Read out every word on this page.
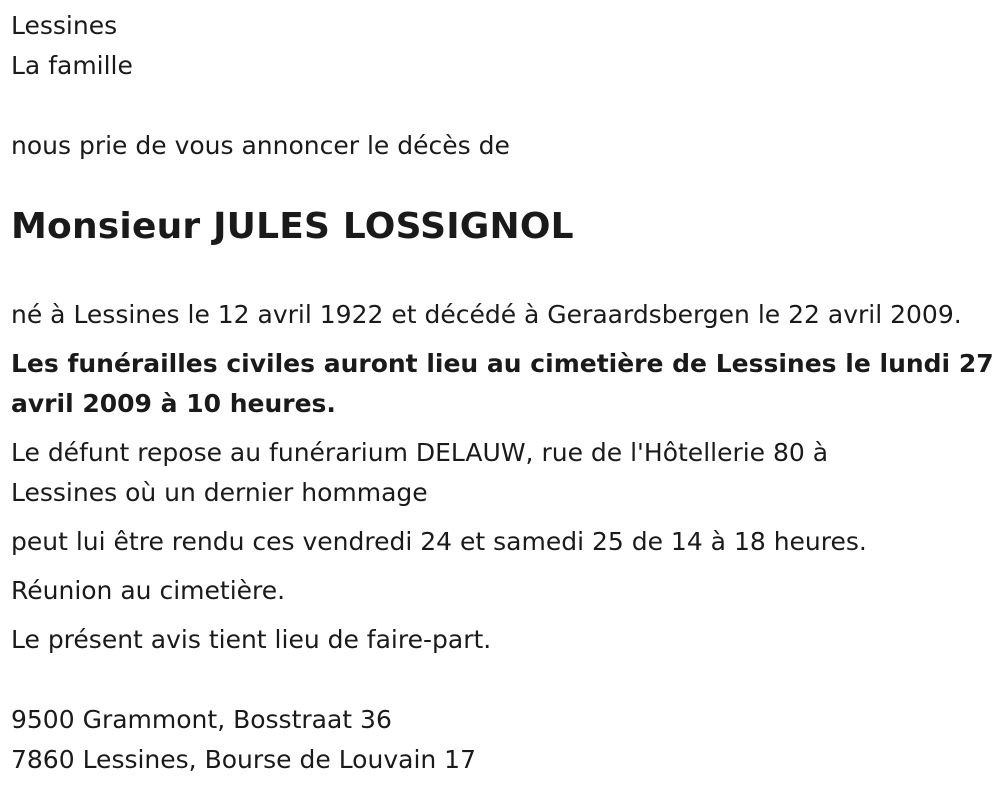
Lessines

La famille

nous prie de vous annoncer le décès de

Monsieur JULES LOSSIGNOL

né à Lessines le 12 avril 1922 et décédé à Geraardsbergen le 22 avril 2009.

Les funérailles civiles auront lieu au cimetière de Lessines le lundi 27
avril 2009 à 10 heures.
Le défunt repose au funérarium DELAUW, rue de l'Hôtellerie 80 à
Lessines où un dernier hommage

peut lui être rendu ces vendredi 24 et samedi 25 de 14 à 18 heures.

Réunion au cimetière.

Le présent avis tient lieu de faire-part.

9500 Grammont, Bosstraat 36

7860 Lessines, Bourse de Louvain 17
